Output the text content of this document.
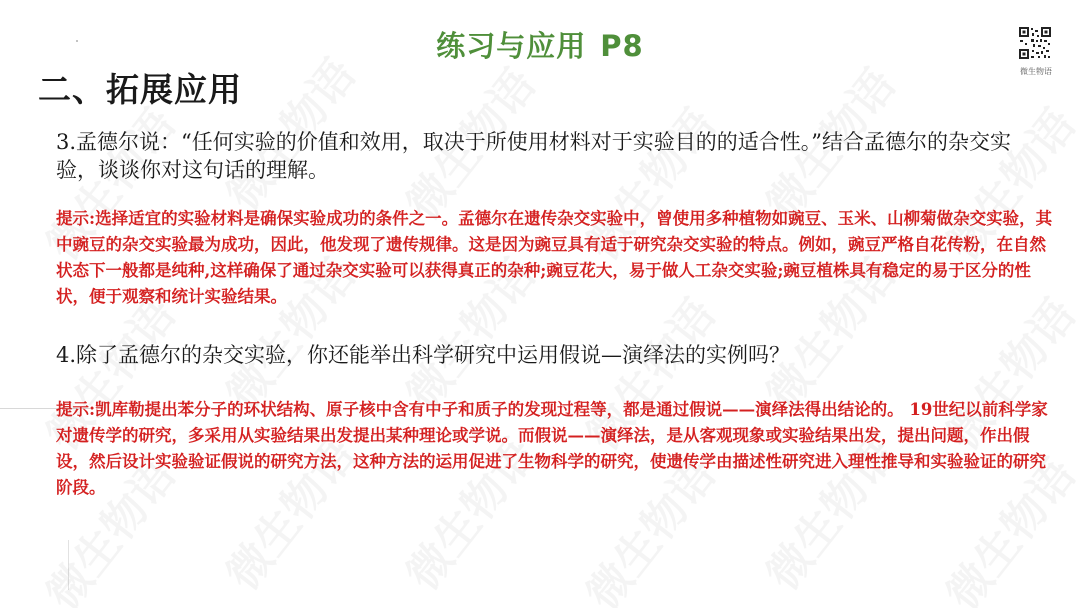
练习与应用 P8
二、拓展应用	微生物语

3.孟德尔说：“任何实验的价值和效用，取决于所使用材料对于实验目的的适合性。”结合孟德尔的杂交实验，谈谈你对这句话的理解。

提示:选择适宜的实验材料是确保实验成功的条件之一。孟德尔在遗传杂交实验中，曾使用多种植物如豌豆、玉米、山柳菊做杂交实验，其中豌豆的杂交实验最为成功，因此，他发现了遗传规律。这是因为豌豆具有适于研究杂交实验的特点。例如，豌豆严格自花传粉，在自然状态下一般都是纯种,这样确保了通过杂交实验可以获得真正的杂种;豌豆花大，易于做人工杂交实验;豌豆植株具有稳定的易于区分的性状，便于观察和统计实验结果。

4.除了孟德尔的杂交实验，你还能举出科学研究中运用假说—演绎法的实例吗？

提示:凯库勒提出苯分子的环状结构、原子核中含有中子和质子的发现过程等，都是通过假说——演绎法得出结论的。 19世纪以前科学家对遗传学的研究，多采用从实验结果出发提出某种理论或学说。而假说——演绎法，是从客观现象或实验结果出发，提出问题，作出假设，然后设计实验验证假说的研究方法，这种方法的运用促进了生物科学的研究，使遗传学由描述性研究进入理性推导和实验验证的研究阶段。
